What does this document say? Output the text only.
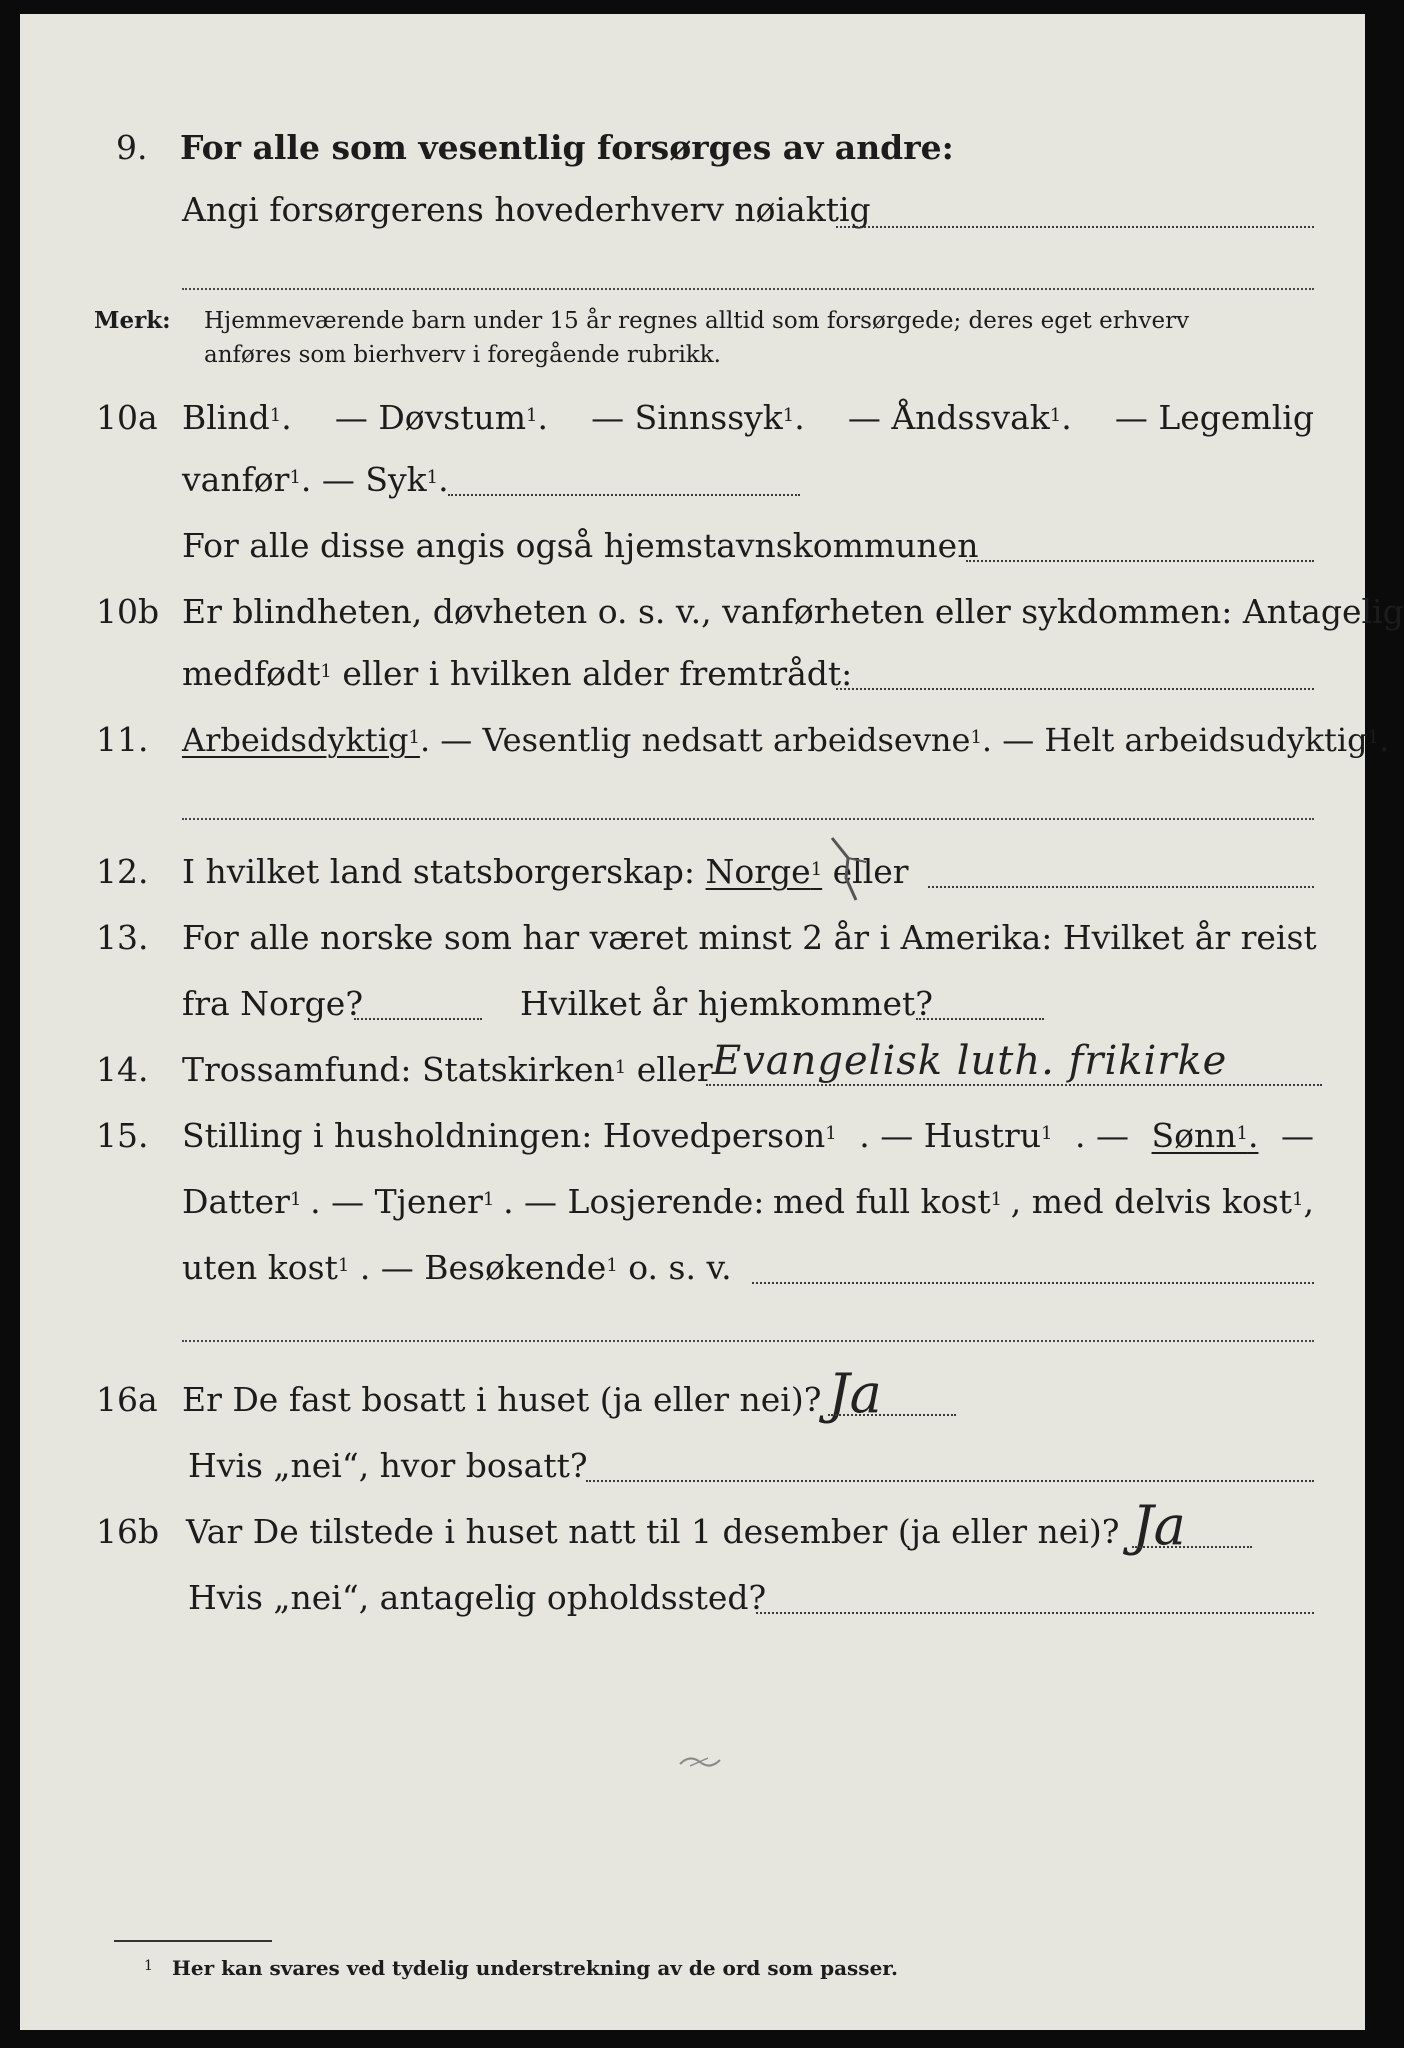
9. For alle som vesentlig forsørges av andre:
Angi forsørgerens hovederhverv nøiaktig
Merk: Hjemmeværende barn under 15 år regnes alltid som forsørgede; deres eget erhverv
anføres som bierhverv i foregående rubrikk.
10a Blind$^1$. — Døvstum$^1$. — Sinnssyk$^1$. — Åndssvak$^1$. — Legemlig
vanfør$^1$. — Syk$^1$.
For alle disse angis også hjemstavnskommunen
10b Er blindheten, døvheten o. s. v., vanførheten eller sykdommen: Antagelig
medfødt$^1$ eller i hvilken alder fremtrådt:
11. Arbeidsdyktig$^1$. — Vesentlig nedsatt arbeidsevne$^1$. — Helt arbeidsudyktig$^1$.
12. I hvilket land statsborgerskap: Norge$^1$ eller
13. For alle norske som har været minst 2 år i Amerika: Hvilket år reist
fra Norge?	Hvilket år hjemkommet?
14. Trossamfund: Statskirken$^1$ eller Evangelisk luth. frikirke
15. Stilling i husholdningen: Hovedperson$^1$ . — Hustru$^1$ . — Sønn$^1$. —
Datter$^1$ . — Tjener$^1$ . — Losjerende: med full kost$^1$ , med delvis kost$^1$,
uten kost$^1$ . — Besøkende$^1$ o. s. v.
16a Er De fast bosatt i huset (ja eller nei)? Ja
Hvis „nei“, hvor bosatt?
16b Var De tilstede i huset natt til 1 desember (ja eller nei)? Ja
Hvis „nei“, antagelig opholdssted?
1 Her kan svares ved tydelig understrekning av de ord som passer.
